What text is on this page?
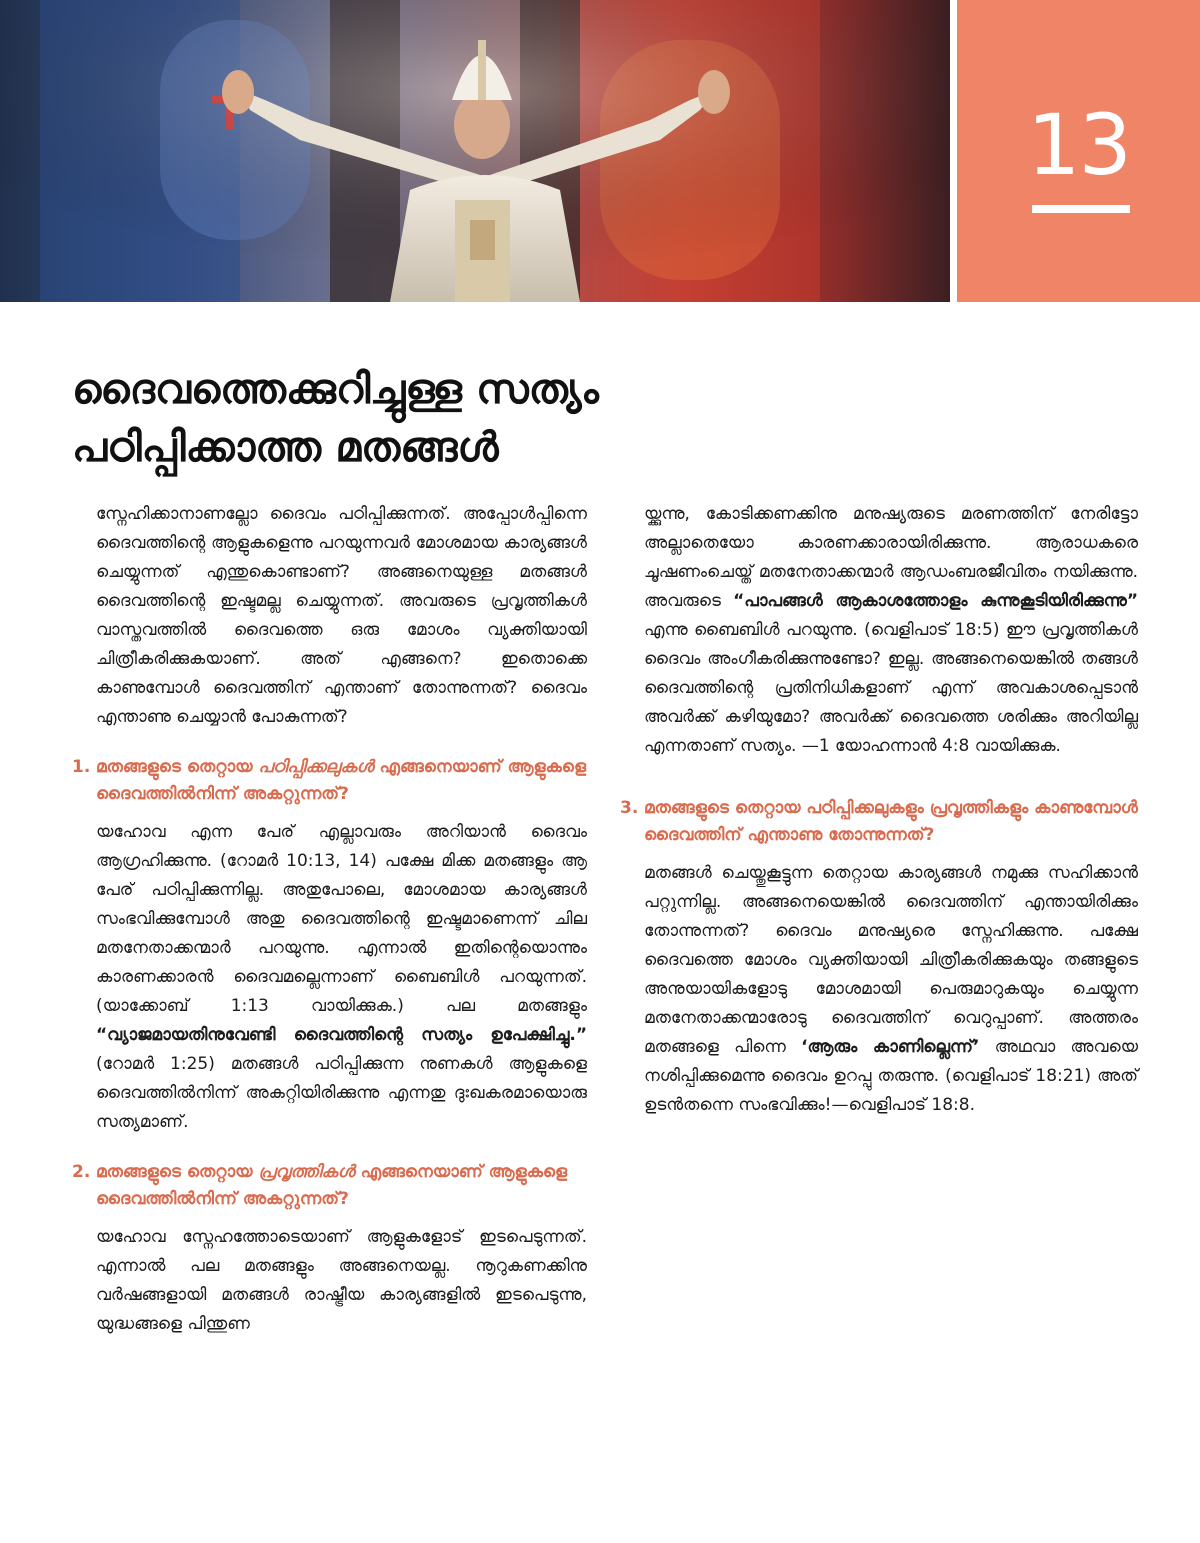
13
ദൈവത്തെക്കുറിച്ചുള്ള സത്യം
പഠിപ്പിക്കാത്ത മതങ്ങൾ

സ്നേഹിക്കാനാണല്ലോ ദൈവം പഠിപ്പിക്കുന്നത്. അപ്പോൾപ്പിന്നെ ദൈവത്തിന്റെ ആളുകളെന്നു പറയുന്നവർ മോശമായ കാര്യങ്ങൾ ചെയ്യുന്നത് എന്തുകൊണ്ടാണ്? അങ്ങനെയുള്ള മതങ്ങൾ ദൈവത്തിന്റെ ഇഷ്ടമല്ല ചെയ്യുന്നത്. അവരുടെ പ്രവൃത്തികൾ വാസ്തവത്തിൽ ദൈവത്തെ ഒരു മോശം വ്യക്തിയായി ചിത്രീകരിക്കുകയാണ്. അത് എങ്ങനെ? ഇതൊക്കെ കാണുമ്പോൾ ദൈവത്തിന് എന്താണ് തോന്നുന്നത്? ദൈവം എന്താണു ചെയ്യാൻ പോകുന്നത്?

1. മതങ്ങളുടെ തെറ്റായ പഠിപ്പിക്കലുകൾ എങ്ങനെയാണ് ആളുകളെ ദൈവത്തിൽനിന്ന് അകറ്റുന്നത്?

യഹോവ എന്ന പേര് എല്ലാവരും അറിയാൻ ദൈവം ആഗ്രഹിക്കുന്നു. (റോമർ 10:13, 14) പക്ഷേ മിക്ക മതങ്ങളും ആ പേര് പഠിപ്പിക്കുന്നില്ല. അതുപോലെ, മോശമായ കാര്യങ്ങൾ സംഭവിക്കുമ്പോൾ അതു ദൈവത്തിന്റെ ഇഷ്ടമാണെന്ന് ചില മതനേതാക്കന്മാർ പറയുന്നു. എന്നാൽ ഇതിന്റെയൊന്നും കാരണക്കാരൻ ദൈവമല്ലെന്നാണ് ബൈബിൾ പറയുന്നത്. (യാക്കോബ് 1:13 വായിക്കുക.) പല മതങ്ങളും “വ്യാജമായതിനുവേണ്ടി ദൈവത്തിന്റെ സത്യം ഉപേക്ഷിച്ചു.” (റോമർ 1:25) മതങ്ങൾ പഠിപ്പിക്കുന്ന നുണകൾ ആളുകളെ ദൈവത്തിൽനിന്ന് അകറ്റിയിരിക്കുന്നു എന്നതു ദുഃഖകരമായൊരു സത്യമാണ്.

2. മതങ്ങളുടെ തെറ്റായ പ്രവൃത്തികൾ എങ്ങനെയാണ് ആളുകളെ ദൈവത്തിൽനിന്ന് അകറ്റുന്നത്?

യഹോവ സ്നേഹത്തോടെയാണ് ആളുകളോട് ഇടപെടുന്നത്. എന്നാൽ പല മതങ്ങളും അങ്ങനെയല്ല. നൂറുകണക്കിനു വർഷങ്ങളായി മതങ്ങൾ രാഷ്ട്രീയ കാര്യങ്ങളിൽ ഇടപെടുന്നു, യുദ്ധങ്ങളെ പിന്തുണ

യ്ക്കുന്നു, കോടിക്കണക്കിനു മനുഷ്യരുടെ മരണത്തിന് നേരിട്ടോ അല്ലാതെയോ കാരണക്കാരായിരിക്കുന്നു. ആരാധകരെ ചൂഷണംചെയ്ത് മതനേതാക്കന്മാർ ആഡംബരജീവിതം നയിക്കുന്നു. അവരുടെ “പാപങ്ങൾ ആകാശത്തോളം കുന്നുകൂടിയിരിക്കുന്നു” എന്നു ബൈബിൾ പറയുന്നു. (വെളിപാട് 18:5) ഈ പ്രവൃത്തികൾ ദൈവം അംഗീകരിക്കുന്നുണ്ടോ? ഇല്ല. അങ്ങനെയെങ്കിൽ തങ്ങൾ ദൈവത്തിന്റെ പ്രതിനിധികളാണ് എന്ന് അവകാശപ്പെടാൻ അവർക്ക് കഴിയുമോ? അവർക്ക് ദൈവത്തെ ശരിക്കും അറിയില്ല എന്നതാണ് സത്യം. —1 യോഹന്നാൻ 4:8 വായിക്കുക.

3. മതങ്ങളുടെ തെറ്റായ പഠിപ്പിക്കലുകളും പ്രവൃത്തികളും കാണുമ്പോൾ ദൈവത്തിന് എന്താണു തോന്നുന്നത്?

മതങ്ങൾ ചെയ്തുകൂട്ടുന്ന തെറ്റായ കാര്യങ്ങൾ നമുക്കു സഹിക്കാൻ പറ്റുന്നില്ല. അങ്ങനെയെങ്കിൽ ദൈവത്തിന് എന്തായിരിക്കും തോന്നുന്നത്? ദൈവം മനുഷ്യരെ സ്നേഹിക്കുന്നു. പക്ഷേ ദൈവത്തെ മോശം വ്യക്തിയായി ചിത്രീകരിക്കുകയും തങ്ങളുടെ അനുയായികളോടു മോശമായി പെരുമാറുകയും ചെയ്യുന്ന മതനേതാക്കന്മാരോടു ദൈവത്തിന് വെറുപ്പാണ്. അത്തരം മതങ്ങളെ പിന്നെ ‘ആരും കാണില്ലെന്ന്’ അഥവാ അവയെ നശിപ്പിക്കുമെന്നു ദൈവം ഉറപ്പു തരുന്നു. (വെളിപാട് 18:21) അത് ഉടൻതന്നെ സംഭവിക്കും!—വെളിപാട് 18:8.
